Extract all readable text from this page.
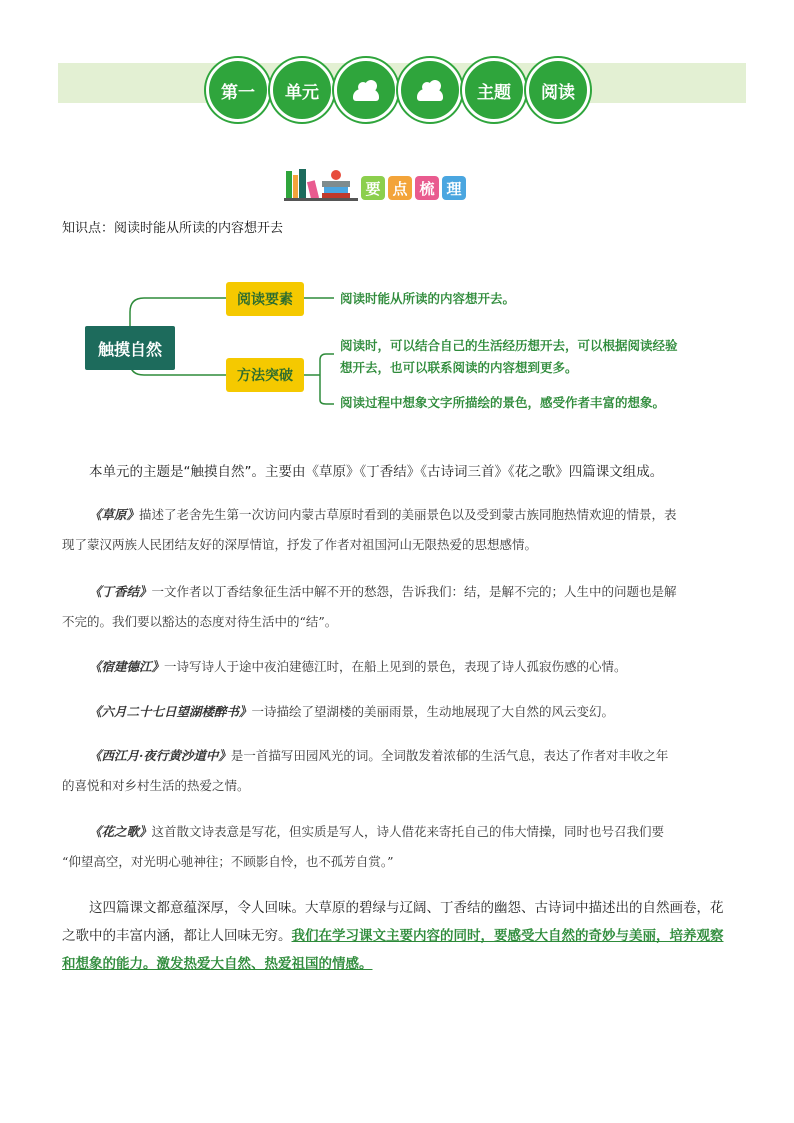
第一 单元	主题 阅读
要 点 梳 理
知识点：阅读时能从所读的内容想开去
触摸自然
阅读要素
方法突破
阅读时能从所读的内容想开去。
阅读时，可以结合自己的生活经历想开去，可以根据阅读经验
想开去，也可以联系阅读的内容想到更多。
阅读过程中想象文字所描绘的景色，感受作者丰富的想象。
本单元的主题是“触摸自然”。主要由《草原》《丁香结》《古诗词三首》《花之歌》四篇课文组成。
《草原》描述了老舍先生第一次访问内蒙古草原时看到的美丽景色以及受到蒙古族同胞热情欢迎的情景，表
现了蒙汉两族人民团结友好的深厚情谊，抒发了作者对祖国河山无限热爱的思想感情。
《丁香结》一文作者以丁香结象征生活中解不开的愁怨，告诉我们：结，是解不完的；人生中的问题也是解
不完的。我们要以豁达的态度对待生活中的“结”。
《宿建德江》一诗写诗人于途中夜泊建德江时，在船上见到的景色，表现了诗人孤寂伤感的心情。
《六月二十七日望湖楼醉书》一诗描绘了望湖楼的美丽雨景，生动地展现了大自然的风云变幻。
《西江月·夜行黄沙道中》是一首描写田园风光的词。全词散发着浓郁的生活气息，表达了作者对丰收之年
的喜悦和对乡村生活的热爱之情。
《花之歌》这首散文诗表意是写花，但实质是写人，诗人借花来寄托自己的伟大情操，同时也号召我们要
“仰望高空，对光明心驰神往；不顾影自怜，也不孤芳自赏。”
这四篇课文都意蕴深厚，令人回味。大草原的碧绿与辽阔、丁香结的幽怨、古诗词中描述出的自然画卷，花
之歌中的丰富内涵，都让人回味无穷。我们在学习课文主要内容的同时，要感受大自然的奇妙与美丽，培养观察
和想象的能力。激发热爱大自然、热爱祖国的情感。
